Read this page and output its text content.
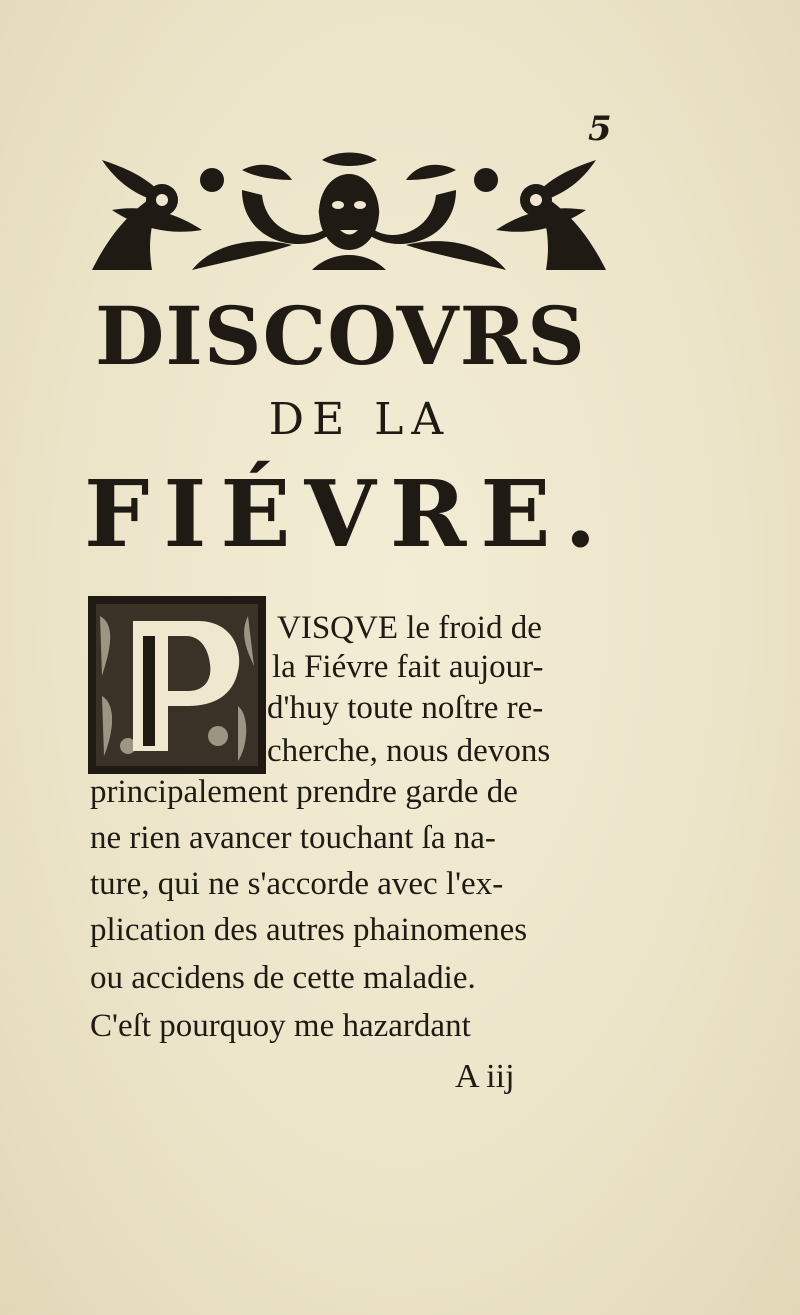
5
DISCOVRS
DE LA
FIÉVRE.
P
VISQVE le froid de
la Fiévre fait aujour-
d'huy toute noſtre re-
cherche, nous devons
principalement prendre garde de
ne rien avancer touchant ſa na-
ture, qui ne s'accorde avec l'ex-
plication des autres phainomenes
ou accidens de cette maladie.
C'eſt pourquoy me hazardant
A iij
